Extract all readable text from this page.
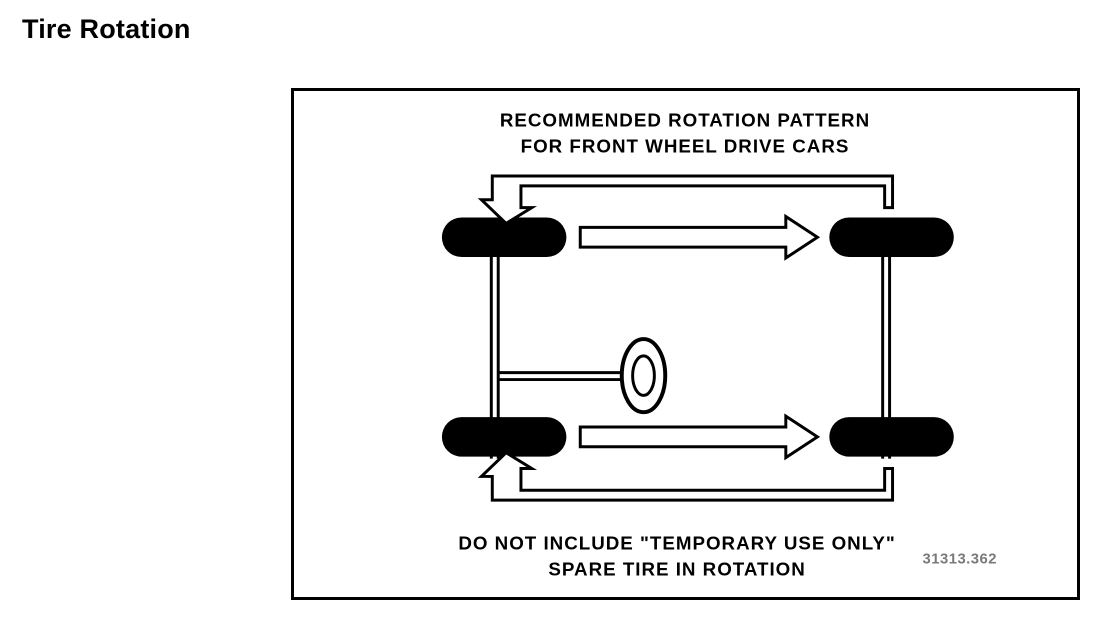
Tire Rotation
RECOMMENDED ROTATION PATTERN
FOR FRONT WHEEL DRIVE CARS
DO NOT INCLUDE "TEMPORARY USE ONLY"
SPARE TIRE IN ROTATION	31313.362
